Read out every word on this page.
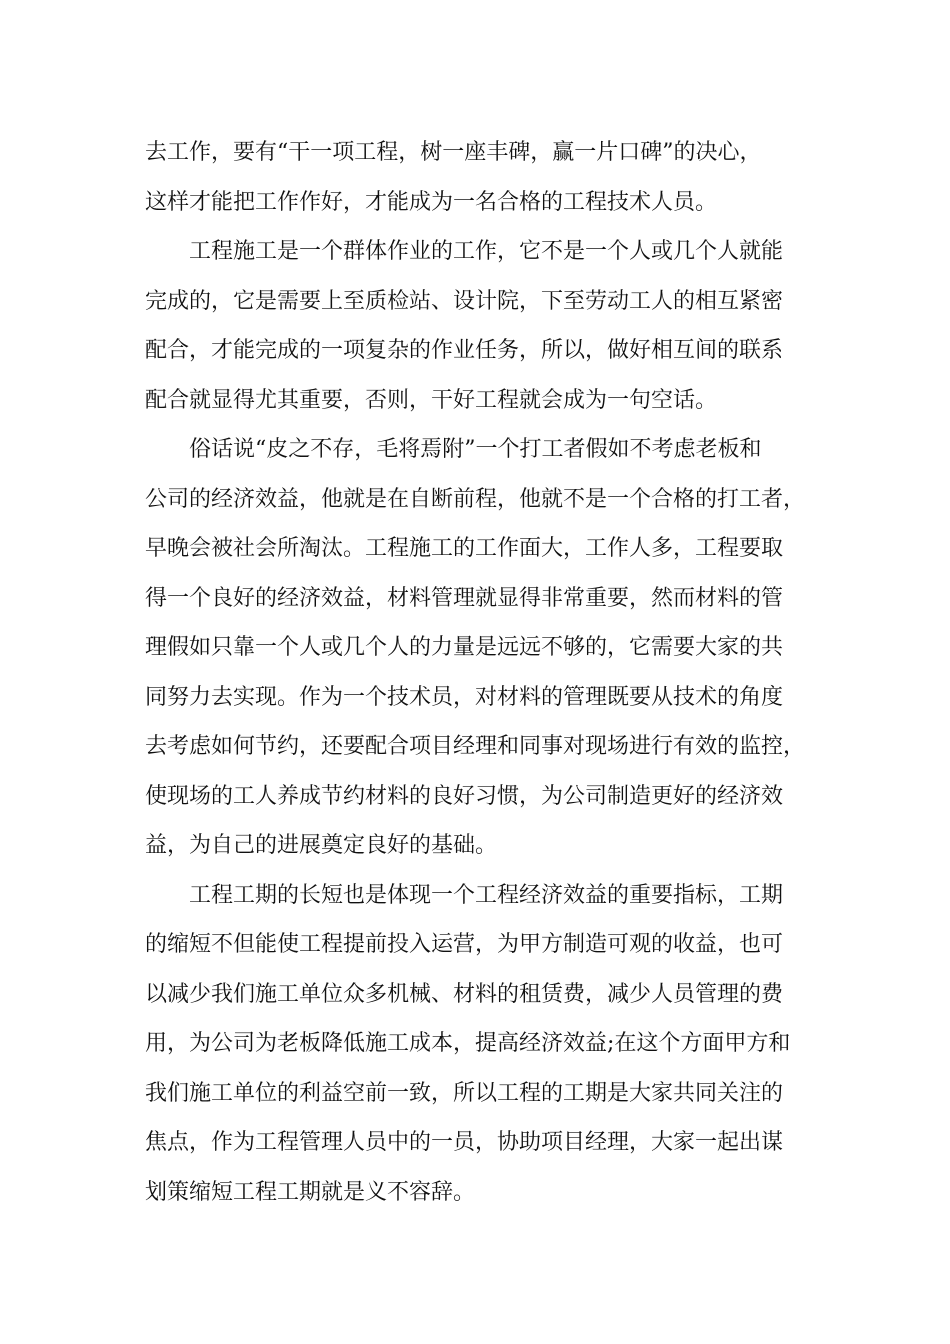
去工作，要有“干一项工程，树一座丰碑，赢一片口碑”的决心，
这样才能把工作作好，才能成为一名合格的工程技术人员。
工程施工是一个群体作业的工作，它不是一个人或几个人就能
完成的，它是需要上至质检站、设计院，下至劳动工人的相互紧密
配合，才能完成的一项复杂的作业任务，所以，做好相互间的联系
配合就显得尤其重要，否则，干好工程就会成为一句空话。
俗话说“皮之不存，毛将焉附”一个打工者假如不考虑老板和
公司的经济效益，他就是在自断前程，他就不是一个合格的打工者，
早晚会被社会所淘汰。工程施工的工作面大，工作人多，工程要取
得一个良好的经济效益，材料管理就显得非常重要，然而材料的管
理假如只靠一个人或几个人的力量是远远不够的，它需要大家的共
同努力去实现。作为一个技术员，对材料的管理既要从技术的角度
去考虑如何节约，还要配合项目经理和同事对现场进行有效的监控，
使现场的工人养成节约材料的良好习惯，为公司制造更好的经济效
益，为自己的进展奠定良好的基础。
工程工期的长短也是体现一个工程经济效益的重要指标，工期
的缩短不但能使工程提前投入运营，为甲方制造可观的收益，也可
以减少我们施工单位众多机械、材料的租赁费，减少人员管理的费
用，为公司为老板降低施工成本，提高经济效益;在这个方面甲方和
我们施工单位的利益空前一致，所以工程的工期是大家共同关注的
焦点，作为工程管理人员中的一员，协助项目经理，大家一起出谋
划策缩短工程工期就是义不容辞。
